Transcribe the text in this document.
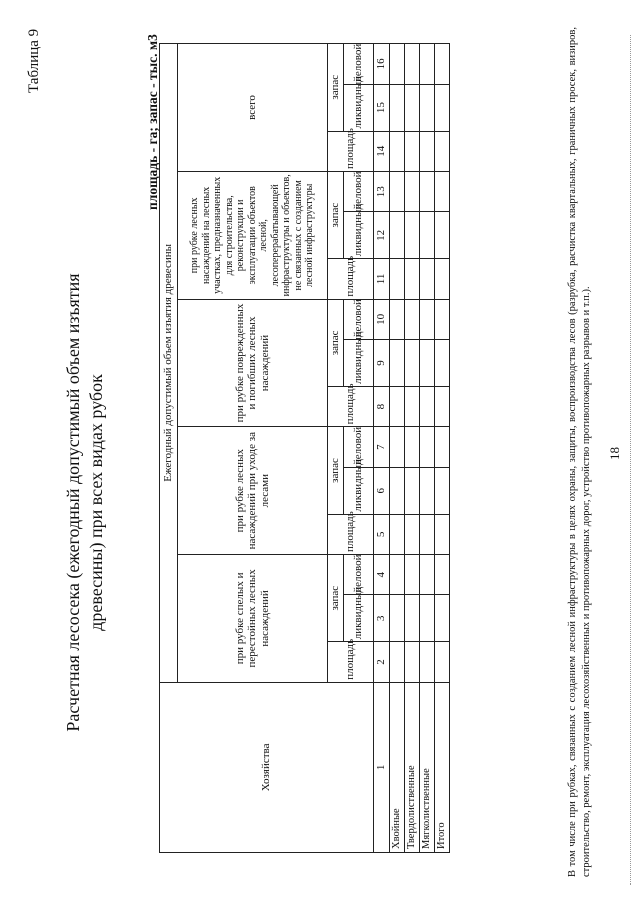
Таблица 9
Расчетная лесосека (ежегодный допустимый объем изъятия древесины) при всех видах рубок
площадь - га; запас - тыс. м3
Хозяйства	Ежегодный допустимый объем изъятия древесины														
	при рубке спелых и перестойных лесных насаждений			при рубке лесных насаждений при уходе за лесами			при рубке поврежденных и погибших лесных насаждений			при рубке лесных насаждений на лесных участках, предназначенных для строительства, реконструкции и эксплуатации объектов лесной, лесоперерабатывающей инфраструктуры и объектов, не связанных с созданием лесной инфраструктуры			всего		
	площадь	запас		площадь	запас		площадь	запас		площадь	запас		площадь	запас	
		ликвидный	деловой		ликвидный	деловой		ликвидный	деловой		ликвидный	деловой		ликвидный	деловой
1	2	3	4	5	6	7	8	9	10	11	12	13	14	15	16
Хвойные															
Твердолиственные															
Мягколиственные															
Итого																В том числе при рубках, связанных с созданием лесной инфраструктуры в целях охраны, защиты, воспроизводства лесов (разрубка, расчистка квартальных, граничных просек, визиров, строительство, ремонт, эксплуатация лесохозяйственных и противопожарных дорог, устройство противопожарных разрывов и т.п.). 18
